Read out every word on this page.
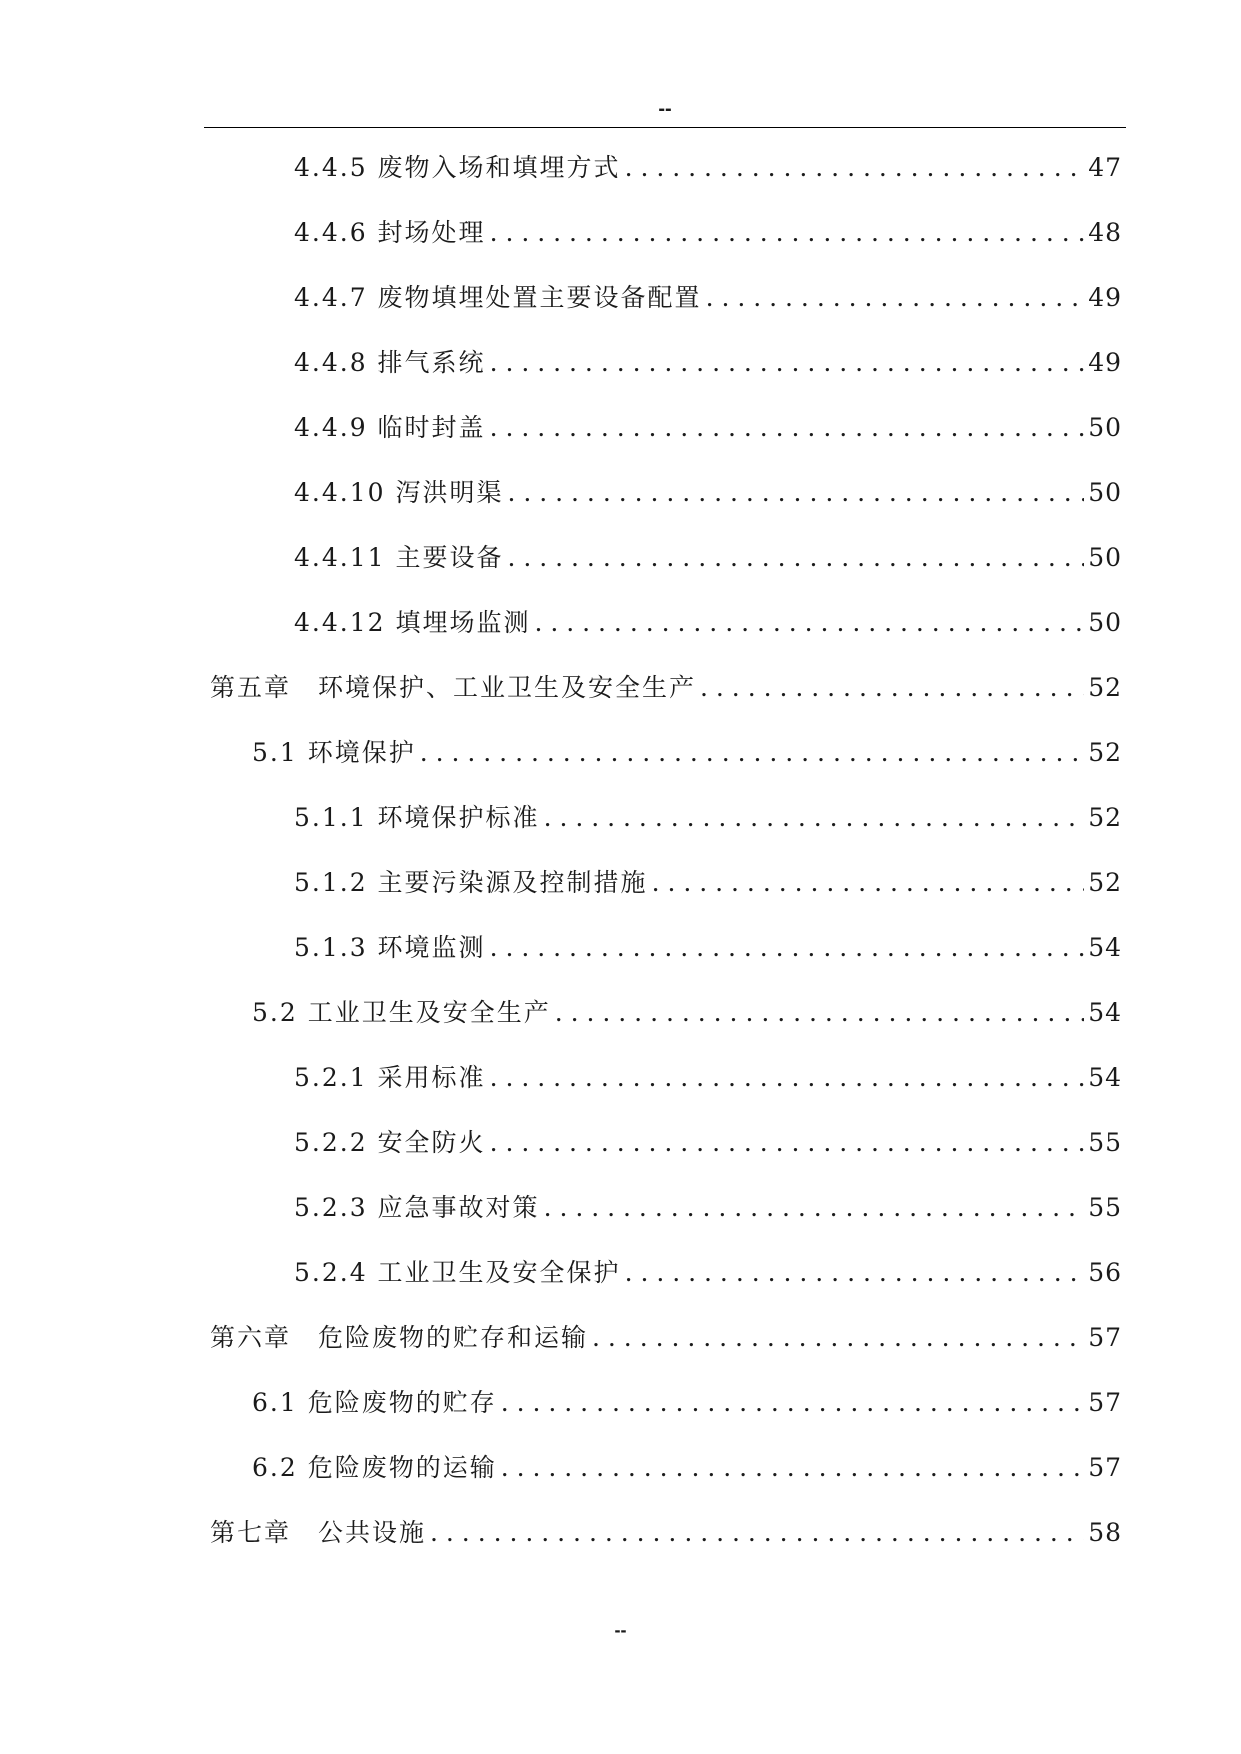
--
4.4.5 废物入场和填埋方式 . . .	47
4.4.6 封场处理 . . .	48
4.4.7 废物填埋处置主要设备配置 . . .	49
4.4.8 排气系统 . . .	49
4.4.9 临时封盖 . . .	50
4.4.10 泻洪明渠 . . .	50
4.4.11 主要设备 . . .	50
4.4.12 填埋场监测 . . .	50
第五章　环境保护、工业卫生及安全生产 . . .	52
5.1 环境保护 . . .	52
5.1.1 环境保护标准 . . .	52
5.1.2 主要污染源及控制措施 . . .	52
5.1.3 环境监测 . . .	54
5.2 工业卫生及安全生产 . . .	54
5.2.1 采用标准 . . .	54
5.2.2 安全防火 . . .	55
5.2.3 应急事故对策 . . .	55
5.2.4 工业卫生及安全保护 . . .	56
第六章　危险废物的贮存和运输 . . .	57
6.1 危险废物的贮存 . . .	57
6.2 危险废物的运输 . . .	57
第七章　公共设施 . . .	58
--
